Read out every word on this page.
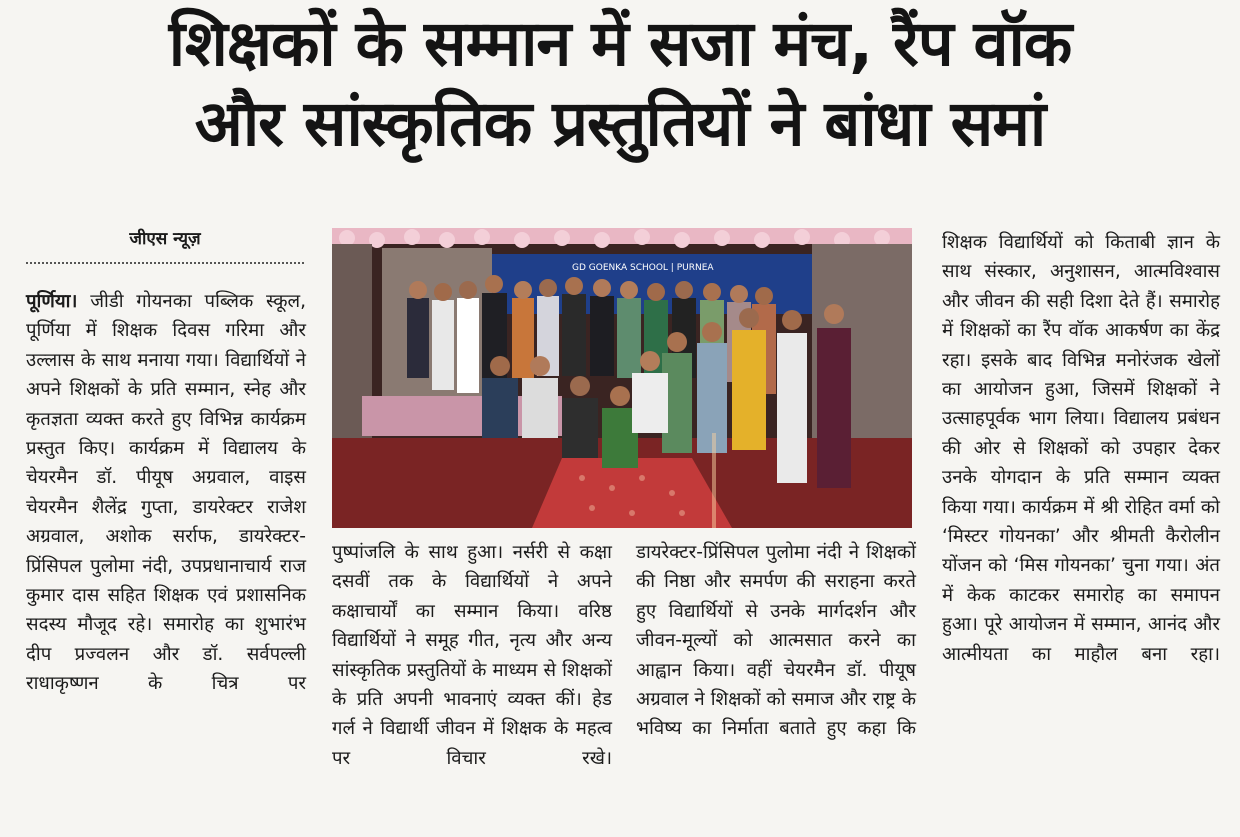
शिक्षकों के सम्मान में सजा मंच, रैंप वॉक
और सांस्कृतिक प्रस्तुतियों ने बांधा समां
जीएस न्यूज़

पूर्णिया। जीडी गोयनका पब्लिक स्कूल, पूर्णिया में शिक्षक दिवस गरिमा और उल्लास के साथ मनाया गया। विद्यार्थियों ने अपने शिक्षकों के प्रति सम्मान, स्नेह और कृतज्ञता व्यक्त करते हुए विभिन्न कार्यक्रम प्रस्तुत किए। कार्यक्रम में विद्यालय के चेयरमैन डॉ. पीयूष अग्रवाल, वाइस चेयरमैन शैलेंद्र गुप्ता, डायरेक्टर राजेश अग्रवाल, अशोक सर्राफ, डायरेक्टर-प्रिंसिपल पुलोमा नंदी, उपप्रधानाचार्य राज कुमार दास सहित शिक्षक एवं प्रशासनिक सदस्य मौजूद रहे। समारोह का शुभारंभ दीप प्रज्वलन और डॉ. सर्वपल्ली राधाकृष्णन के चित्र पर

GD GOENKA SCHOOL | PURNEA

पुष्पांजलि के साथ हुआ। नर्सरी से कक्षा दसवीं तक के विद्यार्थियों ने अपने कक्षाचार्यों का सम्मान किया। वरिष्ठ विद्यार्थियों ने समूह गीत, नृत्य और अन्य सांस्कृतिक प्रस्तुतियों के माध्यम से शिक्षकों के प्रति अपनी भावनाएं व्यक्त कीं। हेड गर्ल ने विद्यार्थी जीवन में शिक्षक के महत्व पर विचार रखे।

डायरेक्टर-प्रिंसिपल पुलोमा नंदी ने शिक्षकों की निष्ठा और समर्पण की सराहना करते हुए विद्यार्थियों से उनके मार्गदर्शन और जीवन-मूल्यों को आत्मसात करने का आह्वान किया। वहीं चेयरमैन डॉ. पीयूष अग्रवाल ने शिक्षकों को समाज और राष्ट्र के भविष्य का निर्माता बताते हुए कहा कि

शिक्षक विद्यार्थियों को किताबी ज्ञान के साथ संस्कार, अनुशासन, आत्मविश्वास और जीवन की सही दिशा देते हैं। समारोह में शिक्षकों का रैंप वॉक आकर्षण का केंद्र रहा। इसके बाद विभिन्न मनोरंजक खेलों का आयोजन हुआ, जिसमें शिक्षकों ने उत्साहपूर्वक भाग लिया। विद्यालय प्रबंधन की ओर से शिक्षकों को उपहार देकर उनके योगदान के प्रति सम्मान व्यक्त किया गया। कार्यक्रम में श्री रोहित वर्मा को ‘मिस्टर गोयनका’ और श्रीमती कैरोलीन योंजन को ‘मिस गोयनका’ चुना गया। अंत में केक काटकर समारोह का समापन हुआ। पूरे आयोजन में सम्मान, आनंद और आत्मीयता का माहौल बना रहा।
